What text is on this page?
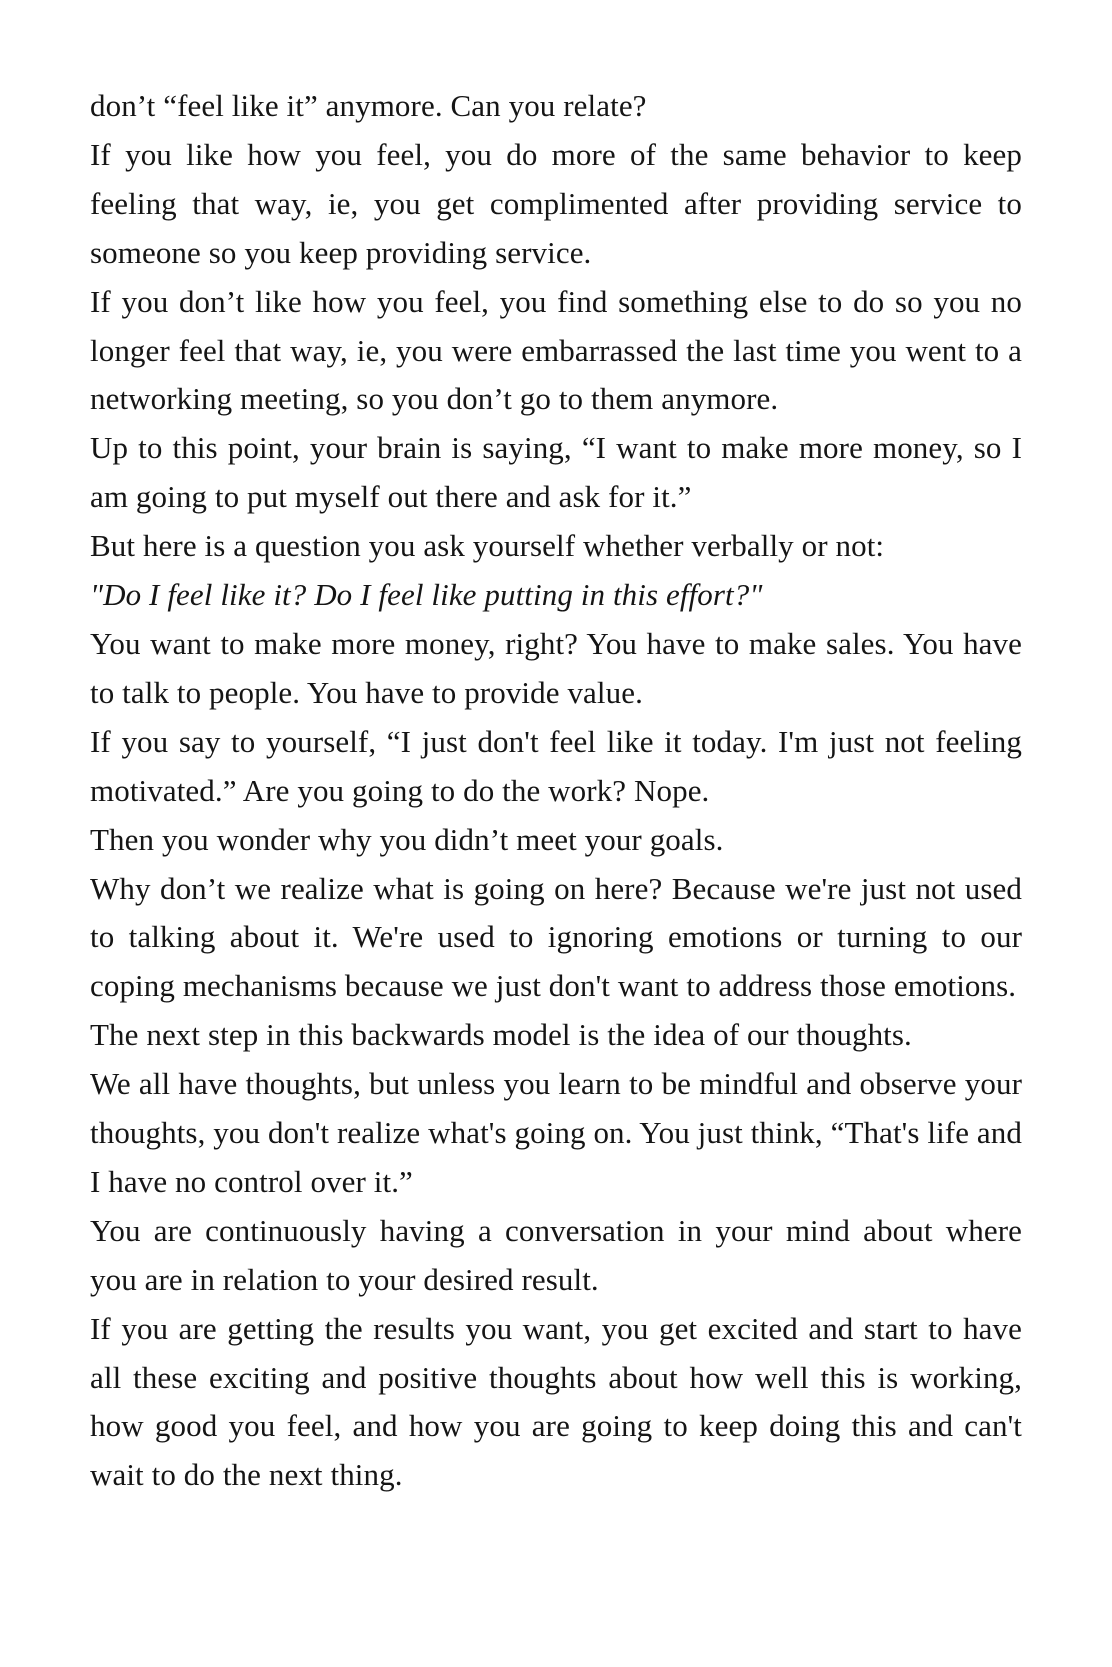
don’t “feel like it” anymore. Can you relate?

If you like how you feel, you do more of the same behavior to keep feeling that way, ie, you get complimented after providing service to someone so you keep providing service.

If you don’t like how you feel, you find something else to do so you no longer feel that way, ie, you were embarrassed the last time you went to a networking meeting, so you don’t go to them anymore.

Up to this point, your brain is saying, “I want to make more money, so I am going to put myself out there and ask for it.”

But here is a question you ask yourself whether verbally or not:

"Do I feel like it? Do I feel like putting in this effort?"

You want to make more money, right? You have to make sales. You have to talk to people. You have to provide value.

If you say to yourself, “I just don't feel like it today. I'm just not feeling motivated.” Are you going to do the work? Nope.

Then you wonder why you didn’t meet your goals.

Why don’t we realize what is going on here? Because we're just not used to talking about it. We're used to ignoring emotions or turning to our coping mechanisms because we just don't want to address those emotions.

The next step in this backwards model is the idea of our thoughts.

We all have thoughts, but unless you learn to be mindful and observe your thoughts, you don't realize what's going on. You just think, “That's life and I have no control over it.”

You are continuously having a conversation in your mind about where you are in relation to your desired result.

If you are getting the results you want, you get excited and start to have all these exciting and positive thoughts about how well this is working, how good you feel, and how you are going to keep doing this and can't wait to do the next thing.
